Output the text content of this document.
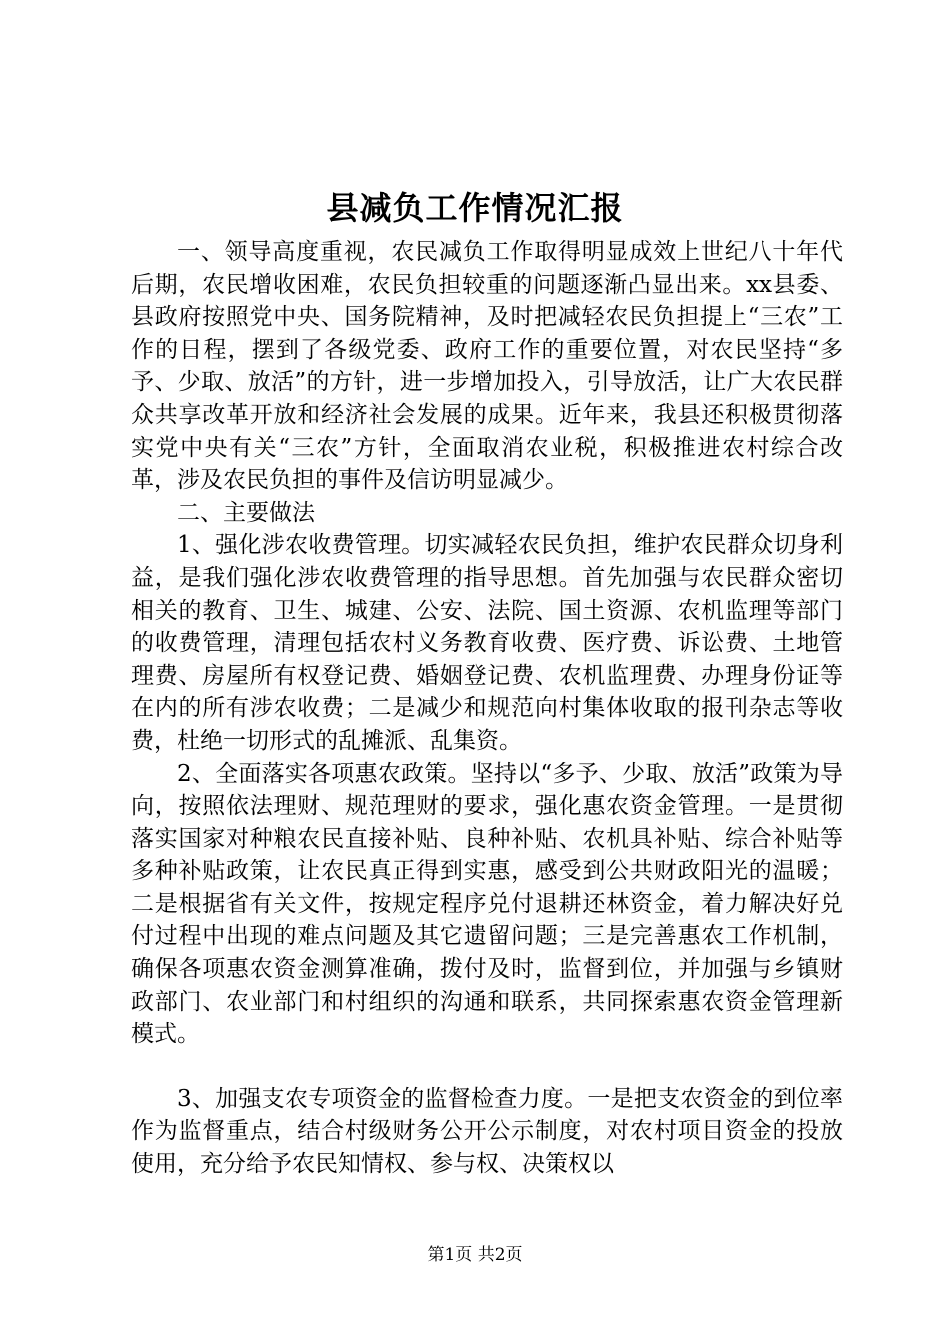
县减负工作情况汇报

一、领导高度重视，农民减负工作取得明显成效上世纪八十年代后期，农民增收困难，农民负担较重的问题逐渐凸显出来。xx县委、县政府按照党中央、国务院精神，及时把减轻农民负担提上“三农”工作的日程，摆到了各级党委、政府工作的重要位置，对农民坚持“多予、少取、放活”的方针，进一步增加投入，引导放活，让广大农民群众共享改革开放和经济社会发展的成果。近年来，我县还积极贯彻落实党中央有关“三农”方针，全面取消农业税，积极推进农村综合改革，涉及农民负担的事件及信访明显减少。

二、主要做法

1、强化涉农收费管理。切实减轻农民负担，维护农民群众切身利益，是我们强化涉农收费管理的指导思想。首先加强与农民群众密切相关的教育、卫生、城建、公安、法院、国土资源、农机监理等部门的收费管理，清理包括农村义务教育收费、医疗费、诉讼费、土地管理费、房屋所有权登记费、婚姻登记费、农机监理费、办理身份证等在内的所有涉农收费；二是减少和规范向村集体收取的报刊杂志等收费，杜绝一切形式的乱摊派、乱集资。

2、全面落实各项惠农政策。坚持以“多予、少取、放活”政策为导向，按照依法理财、规范理财的要求，强化惠农资金管理。一是贯彻落实国家对种粮农民直接补贴、良种补贴、农机具补贴、综合补贴等多种补贴政策，让农民真正得到实惠，感受到公共财政阳光的温暖；二是根据省有关文件，按规定程序兑付退耕还林资金，着力解决好兑付过程中出现的难点问题及其它遗留问题；三是完善惠农工作机制，确保各项惠农资金测算准确，拨付及时，监督到位，并加强与乡镇财政部门、农业部门和村组织的沟通和联系，共同探索惠农资金管理新模式。

3、加强支农专项资金的监督检查力度。一是把支农资金的到位率作为监督重点，结合村级财务公开公示制度，对农村项目资金的投放使用，充分给予农民知情权、参与权、决策权以

第1页 共2页
